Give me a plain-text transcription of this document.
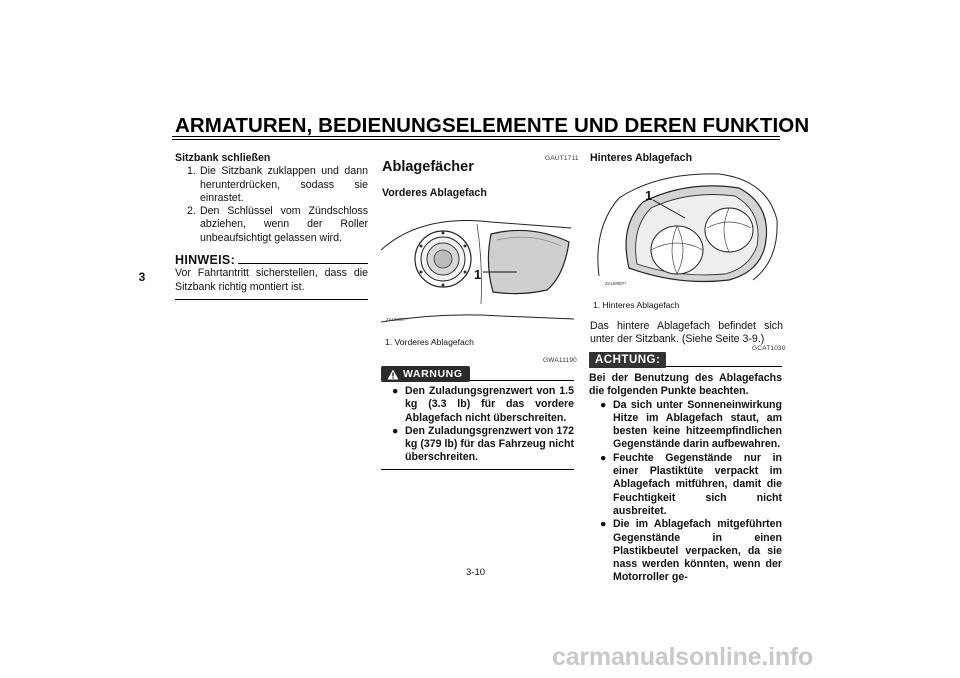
ARMATUREN, BEDIENUNGSELEMENTE UND DEREN FUNKTION
3
Sitzbank schließen
1. Die Sitzbank zuklappen und dann herunterdrücken, sodass sie einrastet.
2. Den Schlüssel vom Zündschloss abziehen, wenn der Roller unbeaufsichtigt gelassen wird.
HINWEIS:
Vor Fahrtantritt sicherstellen, dass die Sitzbank richtig montiert ist.
GAUT1711
Ablagefächer
Vorderes Ablagefach
1
ZAUM00**
1. Vorderes Ablagefach
GWA11190
WARNUNG
● Den Zuladungsgrenzwert von 1.5 kg (3.3 lb) für das vordere Ablagefach nicht überschreiten.
● Den Zuladungsgrenzwert von 172 kg (379 lb) für das Fahrzeug nicht überschreiten.
Hinteres Ablagefach
1
ZAUM00**
1. Hinteres Ablagefach
Das hintere Ablagefach befindet sich unter der Sitzbank. (Siehe Seite 3-9.)
GCAT1030
ACHTUNG:
Bei der Benutzung des Ablagefachs die folgenden Punkte beachten.
● Da sich unter Sonneneinwirkung Hitze im Ablagefach staut, am besten keine hitzeempfindlichen Gegenstände darin aufbewahren.
● Feuchte Gegenstände nur in einer Plastiktüte verpackt im Ablagefach mitführen, damit die Feuchtigkeit sich nicht ausbreitet.
● Die im Ablagefach mitgeführten Gegenstände in einen Plastikbeutel verpacken, da sie nass werden könnten, wenn der Motorroller ge-
3-10
carmanualsonline.info
